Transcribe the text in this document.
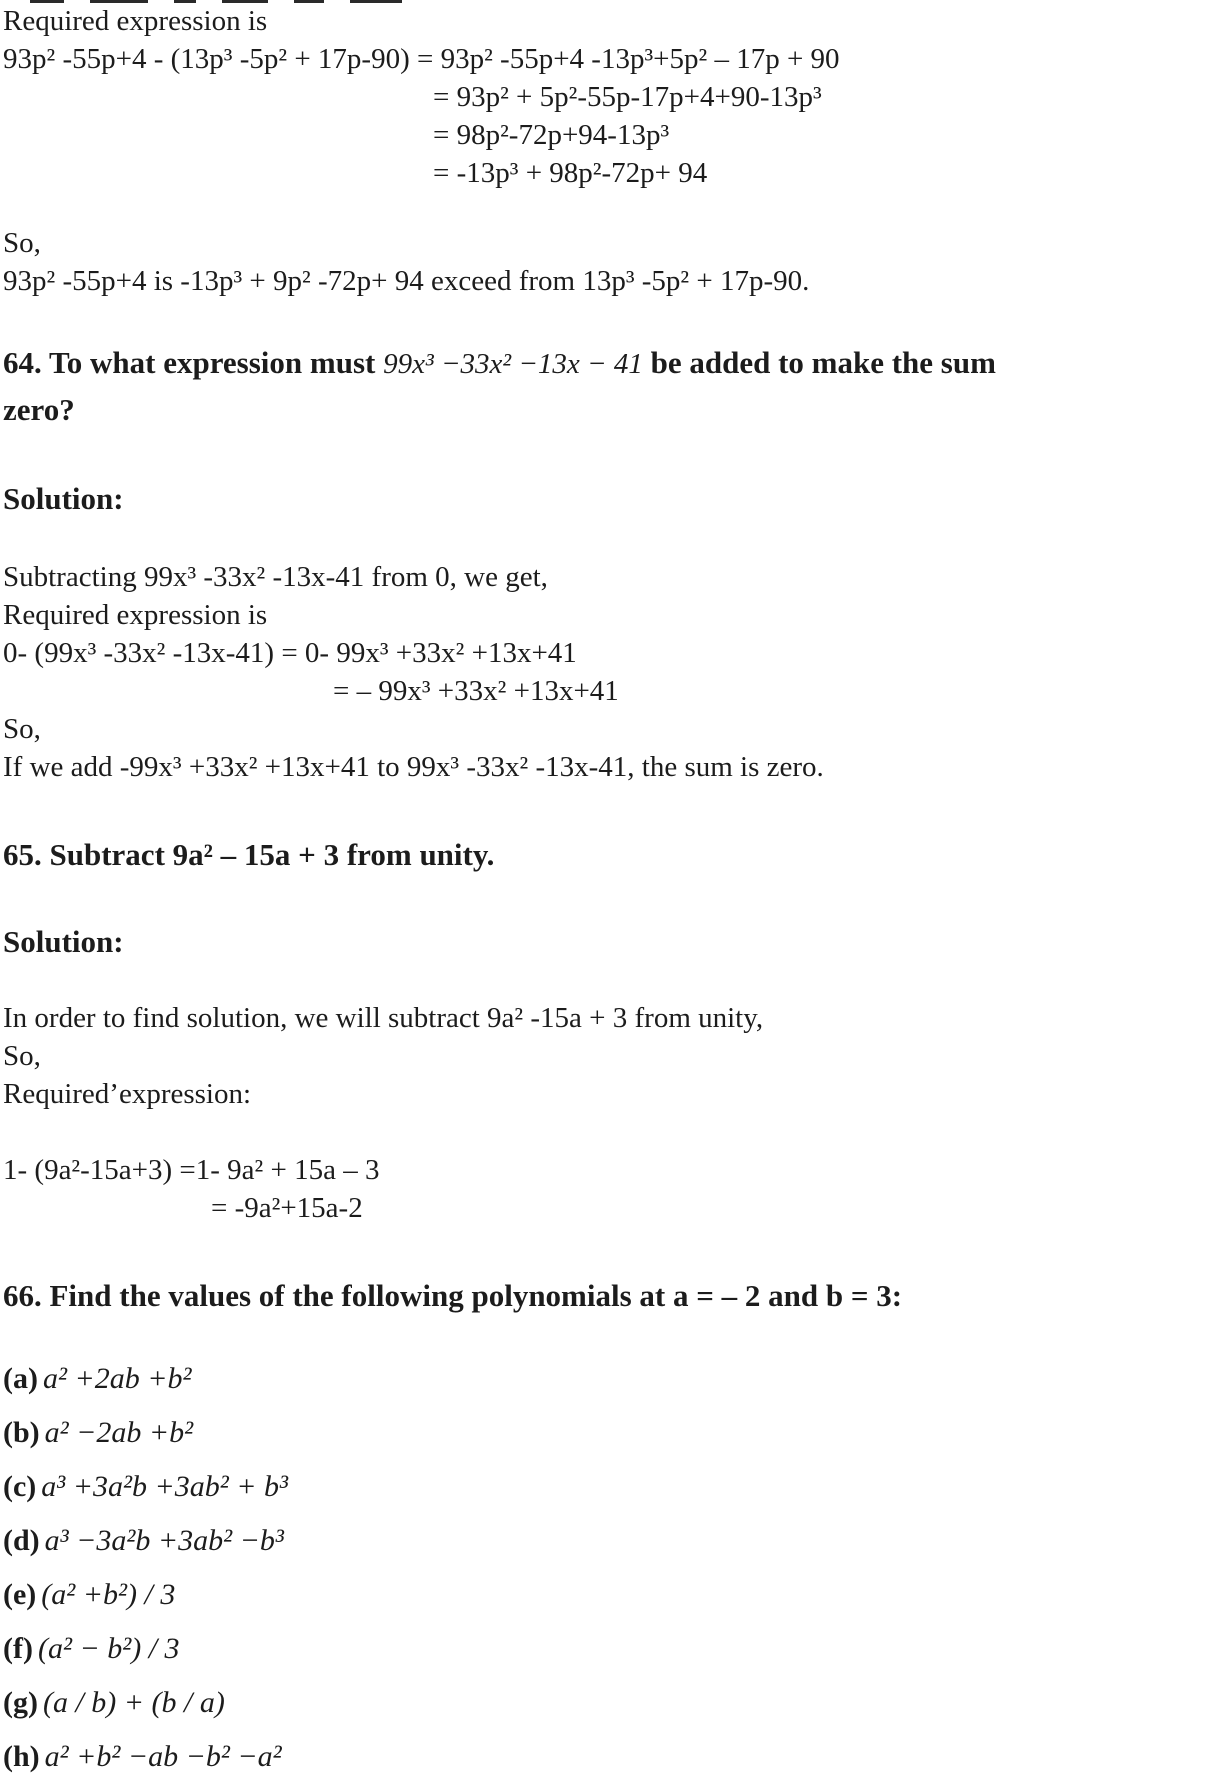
Required expression is
93p² -55p+4 - (13p³ -5p² + 17p-90) = 93p² -55p+4 -13p³+5p² – 17p + 90
= 93p² + 5p²-55p-17p+4+90-13p³
= 98p²-72p+94-13p³
= -13p³ + 98p²-72p+ 94
So,
93p² -55p+4 is -13p³ + 9p² -72p+ 94 exceed from 13p³ -5p² + 17p-90.
64. To what expression must 99x³ −33x² −13x − 41 be added to make the sum
zero?
Solution:
Subtracting 99x³ -33x² -13x-41 from 0, we get,
Required expression is
0- (99x³ -33x² -13x-41) = 0- 99x³ +33x² +13x+41
= – 99x³ +33x² +13x+41
So,
If we add -99x³ +33x² +13x+41 to 99x³ -33x² -13x-41, the sum is zero.
65. Subtract 9a² – 15a + 3 from unity.
Solution:
In order to find solution, we will subtract 9a² -15a + 3 from unity,
So,
Required’expression:
1- (9a²-15a+3) =1- 9a² + 15a – 3
= -9a²+15a-2
66. Find the values of the following polynomials at a = – 2 and b = 3:
(a) a² +2ab +b²
(b) a² −2ab +b²
(c) a³ +3a²b +3ab² + b³
(d) a³ −3a²b +3ab² −b³
(e) (a² +b²) / 3
(f) (a² − b²) / 3
(g) (a / b) + (b / a)
(h) a² +b² −ab −b² −a²
